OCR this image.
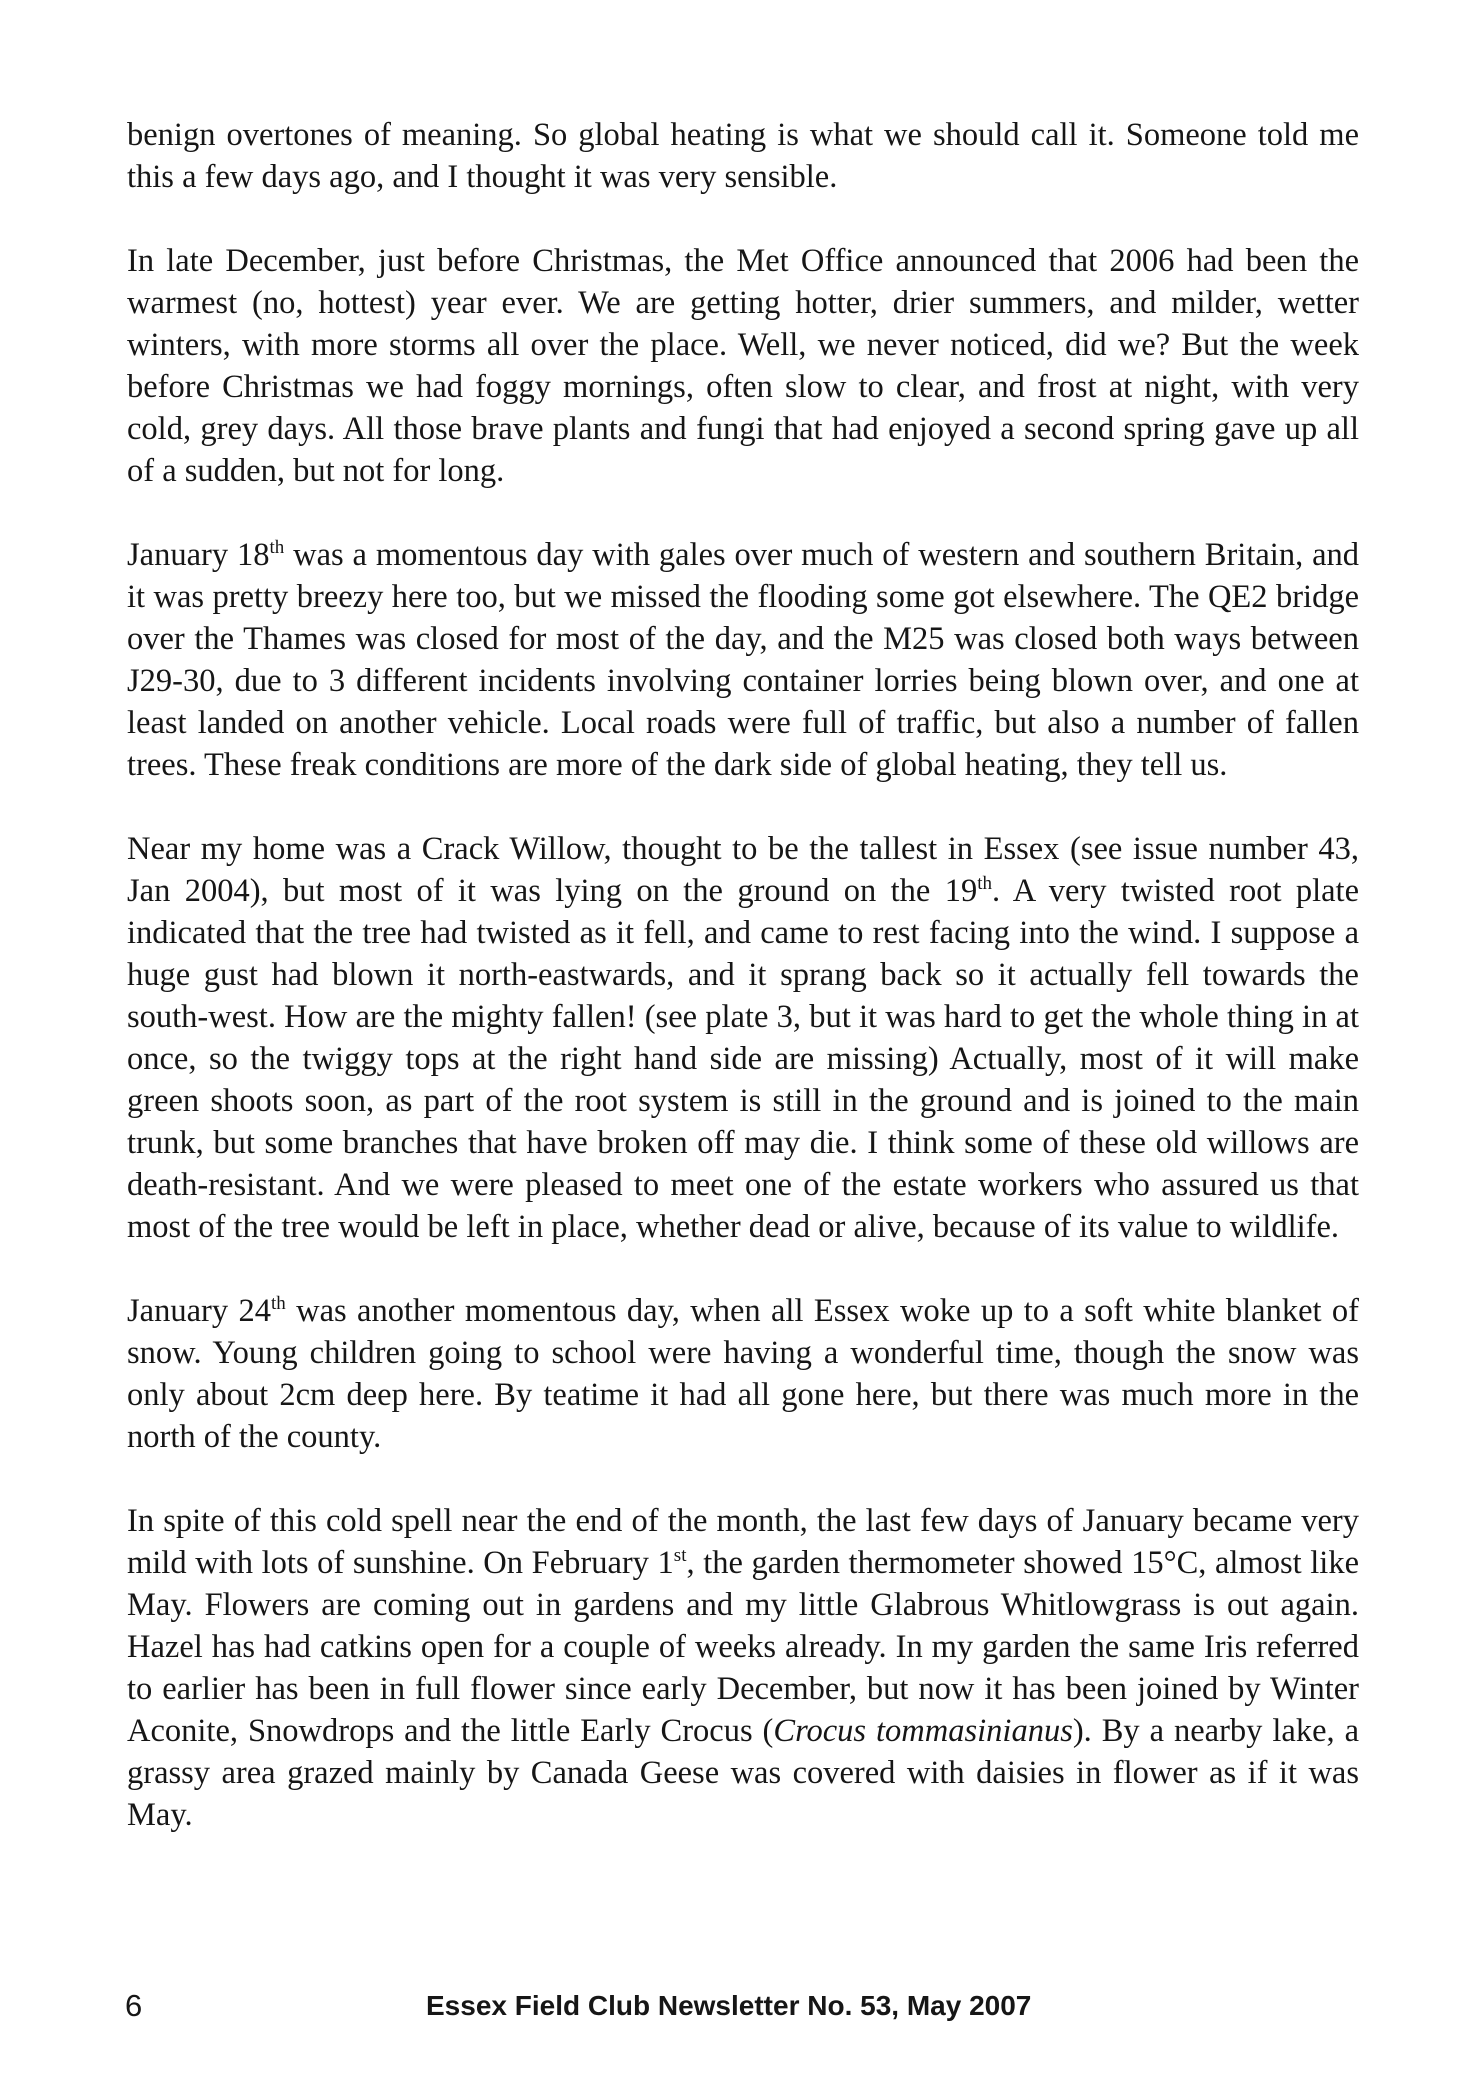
benign overtones of meaning. So global heating is what we should call it. Someone told me this a few days ago, and I thought it was very sensible.

In late December, just before Christmas, the Met Office announced that 2006 had been the warmest (no, hottest) year ever. We are getting hotter, drier summers, and milder, wetter winters, with more storms all over the place. Well, we never noticed, did we? But the week before Christmas we had foggy mornings, often slow to clear, and frost at night, with very cold, grey days. All those brave plants and fungi that had enjoyed a second spring gave up all of a sudden, but not for long.

January 18th was a momentous day with gales over much of western and southern Britain, and it was pretty breezy here too, but we missed the flooding some got elsewhere. The QE2 bridge over the Thames was closed for most of the day, and the M25 was closed both ways between J29-30, due to 3 different incidents involving container lorries being blown over, and one at least landed on another vehicle. Local roads were full of traffic, but also a number of fallen trees. These freak conditions are more of the dark side of global heating, they tell us.

Near my home was a Crack Willow, thought to be the tallest in Essex (see issue number 43, Jan 2004), but most of it was lying on the ground on the 19th. A very twisted root plate indicated that the tree had twisted as it fell, and came to rest facing into the wind. I suppose a huge gust had blown it north-eastwards, and it sprang back so it actually fell towards the south-west. How are the mighty fallen! (see plate 3, but it was hard to get the whole thing in at once, so the twiggy tops at the right hand side are missing) Actually, most of it will make green shoots soon, as part of the root system is still in the ground and is joined to the main trunk, but some branches that have broken off may die. I think some of these old willows are death-resistant. And we were pleased to meet one of the estate workers who assured us that most of the tree would be left in place, whether dead or alive, because of its value to wildlife.

January 24th was another momentous day, when all Essex woke up to a soft white blanket of snow. Young children going to school were having a wonderful time, though the snow was only about 2cm deep here. By teatime it had all gone here, but there was much more in the north of the county.

In spite of this cold spell near the end of the month, the last few days of January became very mild with lots of sunshine. On February 1st, the garden thermometer showed 15°C, almost like May. Flowers are coming out in gardens and my little Glabrous Whitlowgrass is out again. Hazel has had catkins open for a couple of weeks already. In my garden the same Iris referred to earlier has been in full flower since early December, but now it has been joined by Winter Aconite, Snowdrops and the little Early Crocus (Crocus tommasinianus). By a nearby lake, a grassy area grazed mainly by Canada Geese was covered with daisies in flower as if it was May.

6	Essex Field Club Newsletter No. 53, May 2007
